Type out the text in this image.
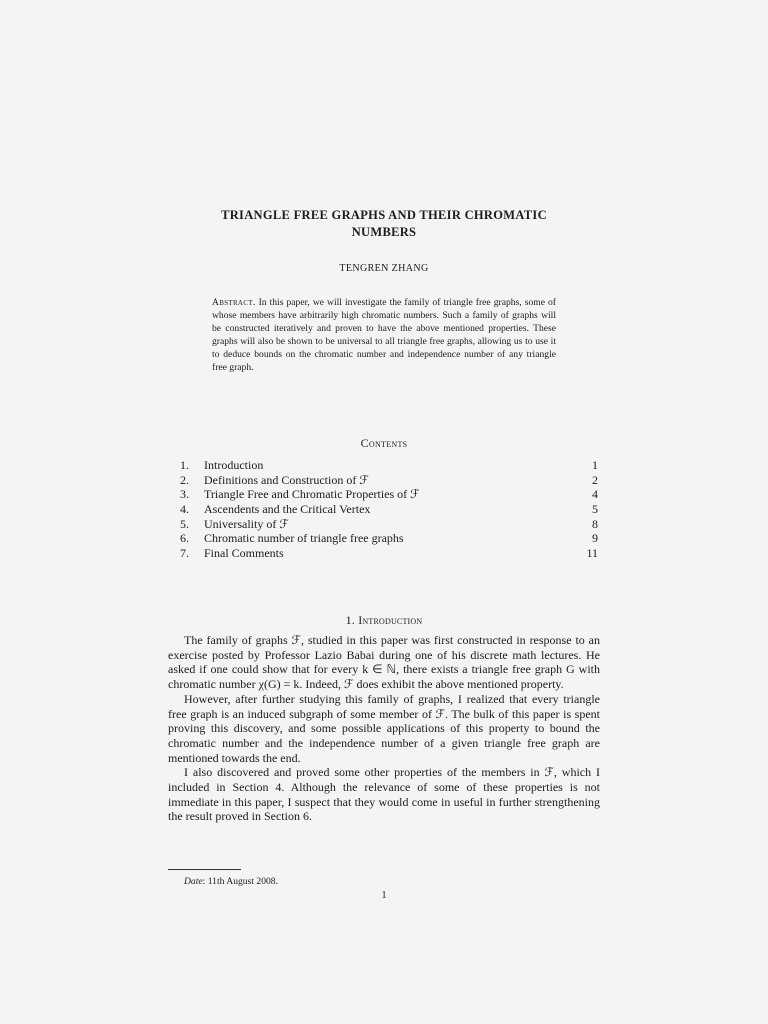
TRIANGLE FREE GRAPHS AND THEIR CHROMATIC
NUMBERS
TENGREN ZHANG
Abstract. In this paper, we will investigate the family of triangle free graphs, some of whose members have arbitrarily high chromatic numbers. Such a family of graphs will be constructed iteratively and proven to have the above mentioned properties. These graphs will also be shown to be universal to all triangle free graphs, allowing us to use it to deduce bounds on the chromatic number and independence number of any triangle free graph.
Contents
1.	Introduction	1
2.	Definitions and Construction of ℱ	2
3.	Triangle Free and Chromatic Properties of ℱ	4
4.	Ascendents and the Critical Vertex	5
5.	Universality of ℱ	8
6.	Chromatic number of triangle free graphs	9
7.	Final Comments	11
1. Introduction

The family of graphs ℱ, studied in this paper was first constructed in response to an exercise posted by Professor Lazio Babai during one of his discrete math lectures. He asked if one could show that for every k ∈ ℕ, there exists a triangle free graph G with chromatic number χ(G) = k. Indeed, ℱ does exhibit the above mentioned property.

However, after further studying this family of graphs, I realized that every triangle free graph is an induced subgraph of some member of ℱ. The bulk of this paper is spent proving this discovery, and some possible applications of this property to bound the chromatic number and the independence number of a given triangle free graph are mentioned towards the end.

I also discovered and proved some other properties of the members in ℱ, which I included in Section 4. Although the relevance of some of these properties is not immediate in this paper, I suspect that they would come in useful in further strengthening the result proved in Section 6.

Date: 11th August 2008.
1
